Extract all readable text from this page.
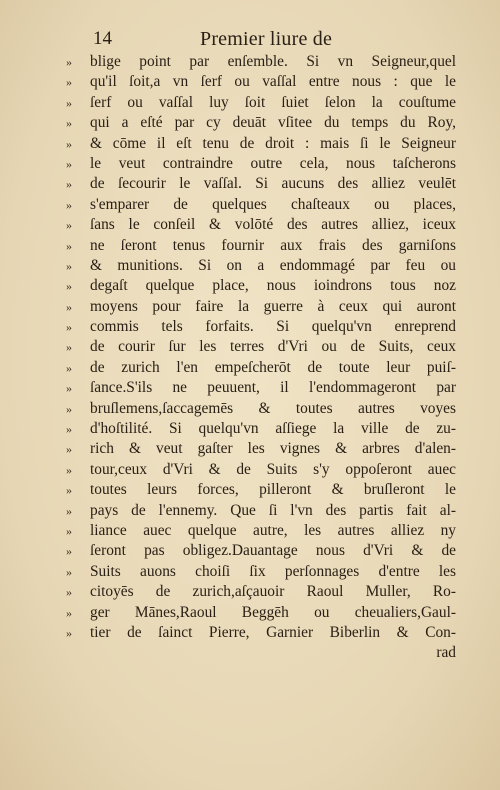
14	Premier liure de
»	blige point par enſemble. Si vn Seigneur,quel
»	qu'il ſoit,a vn ſerf ou vaſſal entre nous : que le
»	ſerf ou vaſſal luy ſoit ſuiet ſelon la couſtume
»	qui a eſté par cy deuāt vſitee du temps du Roy,
»	& cōme il eſt tenu de droit : mais ſi le Seigneur
»	le veut contraindre outre cela, nous taſcherons
»	de ſecourir le vaſſal. Si aucuns des alliez veulēt
»	s'emparer de quelques chaſteaux ou places,
»	ſans le conſeil & volōté des autres alliez, iceux
»	ne ſeront tenus fournir aux frais des garniſons
»	& munitions. Si on a endommagé par feu ou
»	degaſt quelque place, nous ioindrons tous noz
»	moyens pour faire la guerre à ceux qui auront
»	commis tels forfaits. Si quelqu'vn enreprend
»	de courir ſur les terres d'Vri ou de Suits, ceux
»	de zurich l'en empeſcherōt de toute leur puiſ-
»	ſance.S'ils ne peuuent, il l'endommageront par
»	bruſlemens,ſaccagemēs & toutes autres voyes
»	d'hoſtilité. Si quelqu'vn aſſiege la ville de zu-
»	rich & veut gaſter les vignes & arbres d'alen-
»	tour,ceux d'Vri & de Suits s'y oppoſeront auec
»	toutes leurs forces, pilleront & bruſleront le
»	pays de l'ennemy. Que ſi l'vn des partis fait al-
»	liance auec quelque autre, les autres alliez ny
»	ſeront pas obligez.Dauantage nous d'Vri & de
»	Suits auons choiſi ſix perſonnages d'entre les
»	citoyēs de zurich,aſçauoir Raoul Muller, Ro-
»	ger Mānes,Raoul Beggēh ou cheualiers,Gaul-
»	tier de ſainct Pierre, Garnier Biberlin & Con-
rad
